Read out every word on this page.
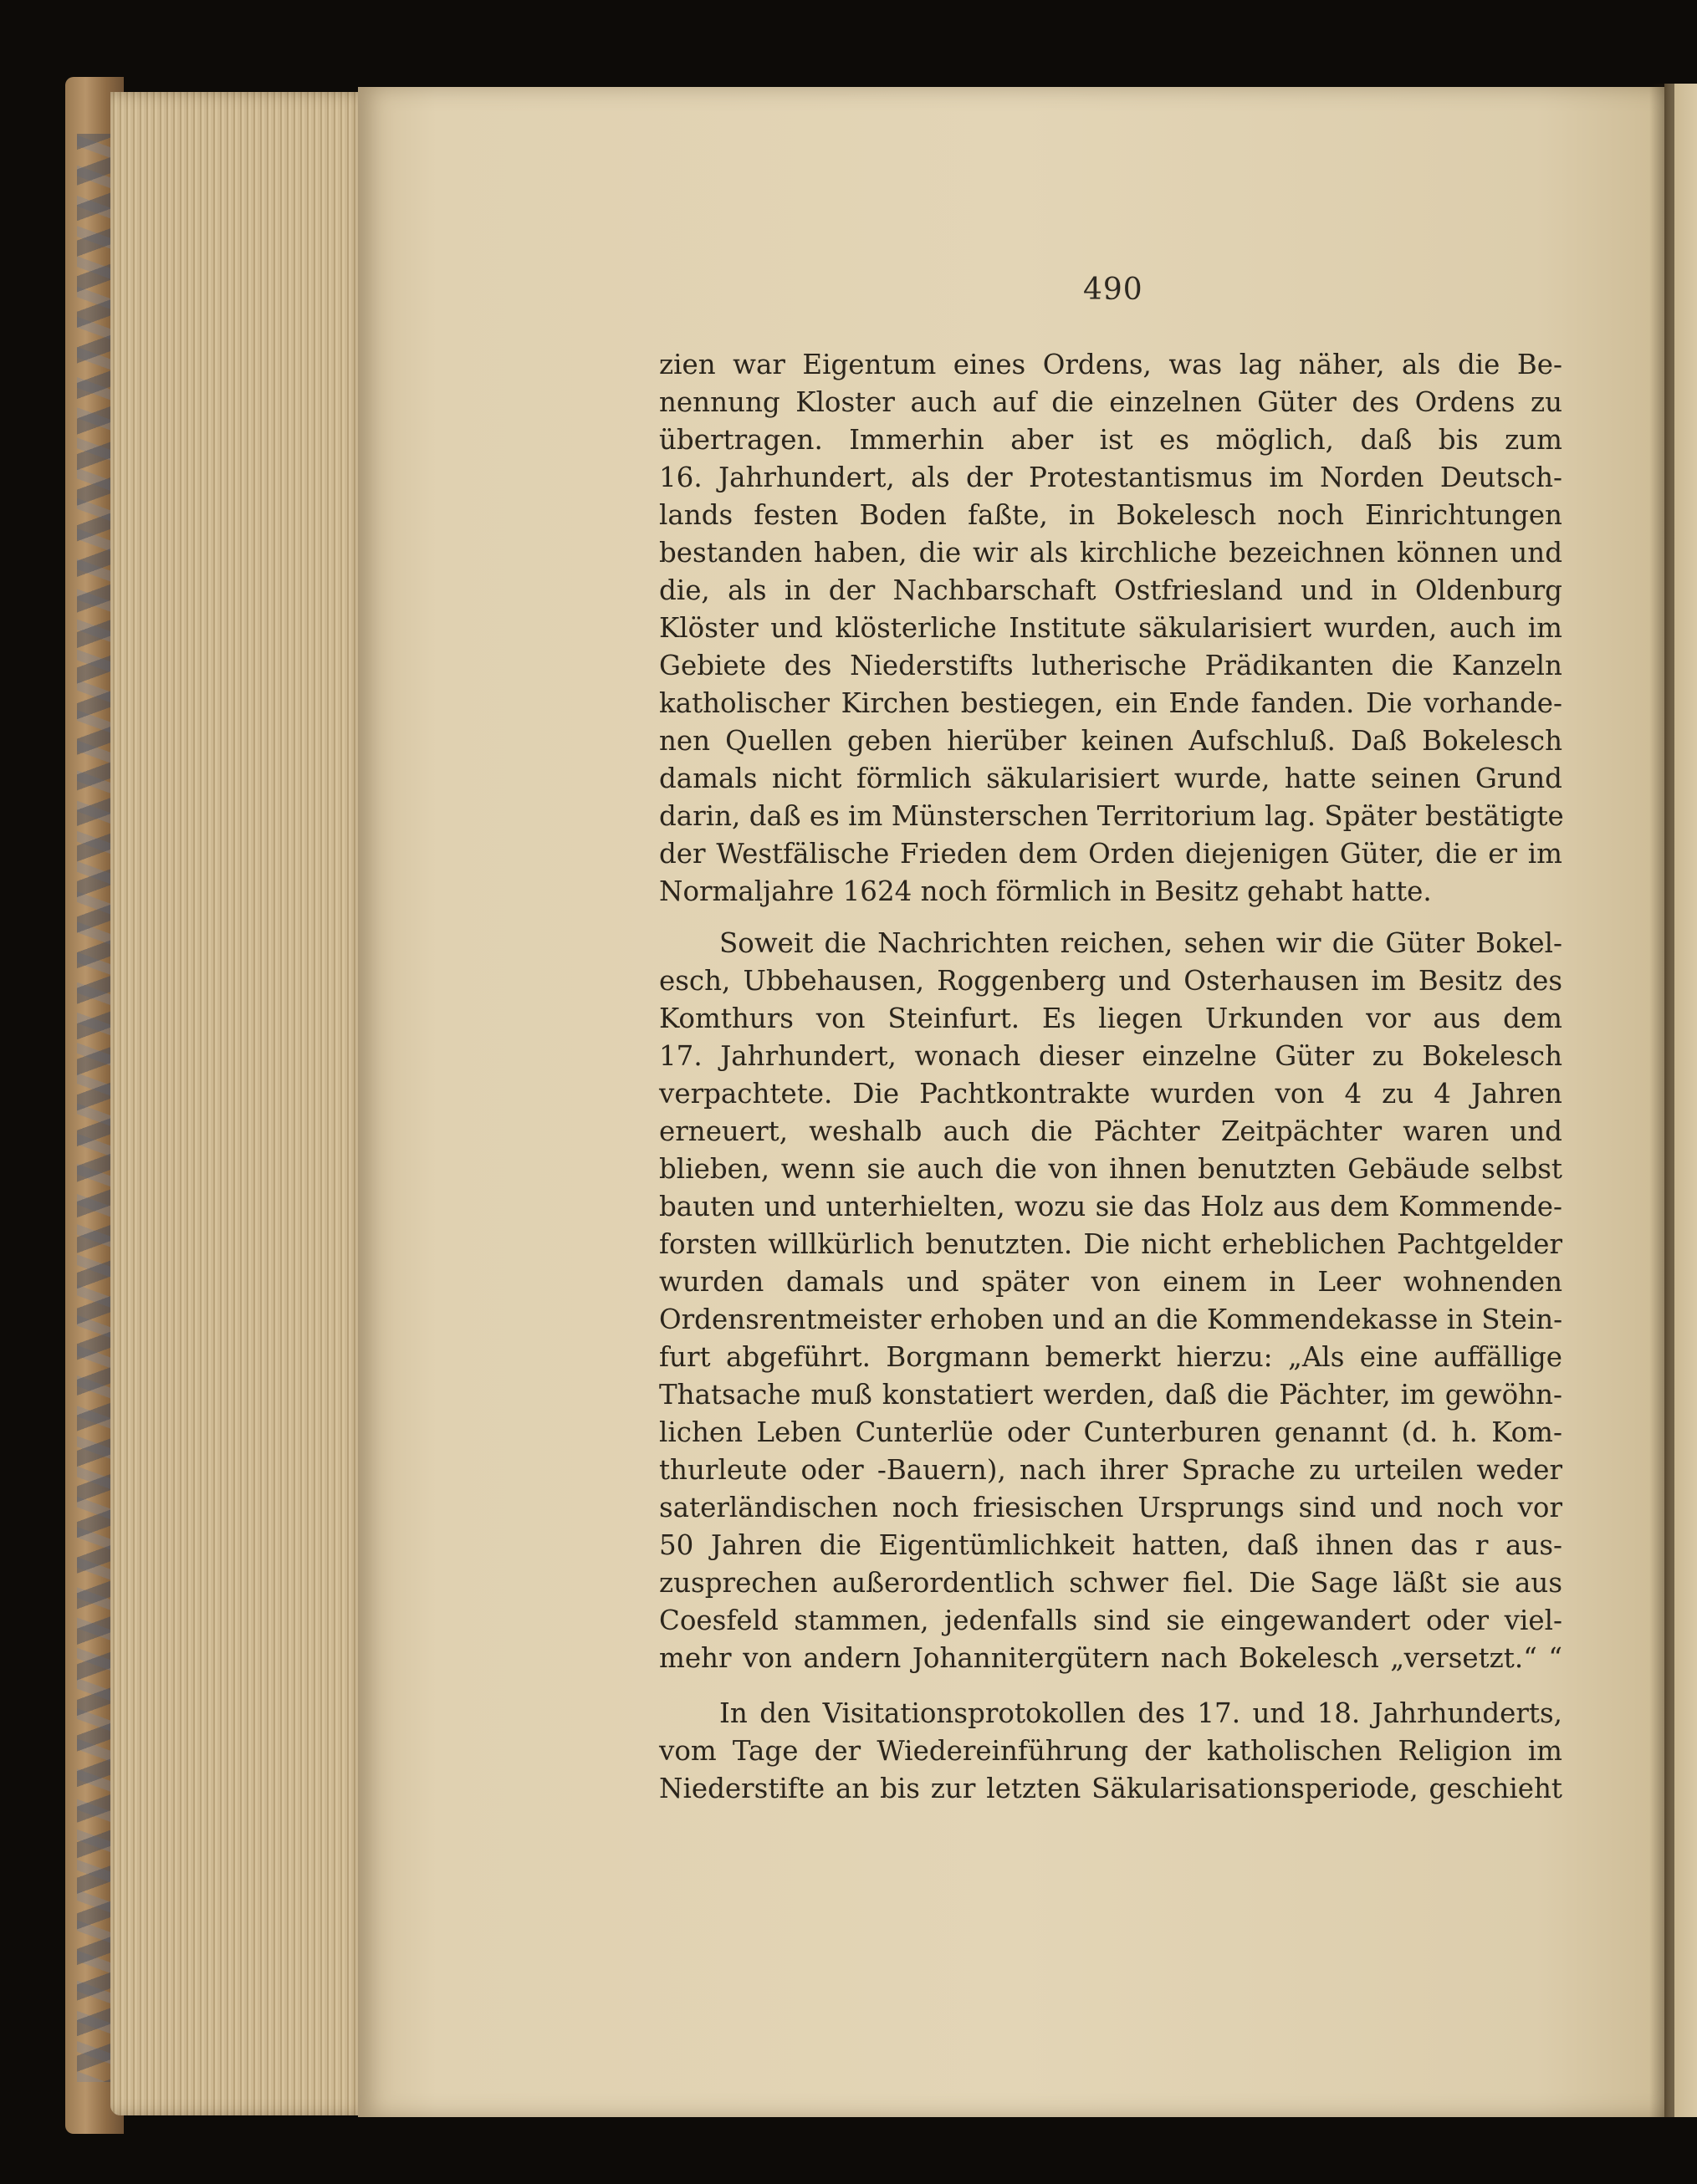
490
zien war Eigentum eines Ordens, was lag näher, als die Be-
nennung Kloster auch auf die einzelnen Güter des Ordens zu
übertragen. Immerhin aber ist es möglich, daß bis zum
16. Jahrhundert, als der Protestantismus im Norden Deutsch-
lands festen Boden faßte, in Bokelesch noch Einrichtungen
bestanden haben, die wir als kirchliche bezeichnen können und
die, als in der Nachbarschaft Ostfriesland und in Oldenburg
Klöster und klösterliche Institute säkularisiert wurden, auch im
Gebiete des Niederstifts lutherische Prädikanten die Kanzeln
katholischer Kirchen bestiegen, ein Ende fanden. Die vorhande-
nen Quellen geben hierüber keinen Aufschluß. Daß Bokelesch
damals nicht förmlich säkularisiert wurde, hatte seinen Grund
darin, daß es im Münsterschen Territorium lag. Später bestätigte
der Westfälische Frieden dem Orden diejenigen Güter, die er im
Normaljahre 1624 noch förmlich in Besitz gehabt hatte.
Soweit die Nachrichten reichen, sehen wir die Güter Bokel-
esch, Ubbehausen, Roggenberg und Osterhausen im Besitz des
Komthurs von Steinfurt. Es liegen Urkunden vor aus dem
17. Jahrhundert, wonach dieser einzelne Güter zu Bokelesch
verpachtete. Die Pachtkontrakte wurden von 4 zu 4 Jahren
erneuert, weshalb auch die Pächter Zeitpächter waren und
blieben, wenn sie auch die von ihnen benutzten Gebäude selbst
bauten und unterhielten, wozu sie das Holz aus dem Kommende-
forsten willkürlich benutzten. Die nicht erheblichen Pachtgelder
wurden damals und später von einem in Leer wohnenden
Ordensrentmeister erhoben und an die Kommendekasse in Stein-
furt abgeführt. Borgmann bemerkt hierzu: „Als eine auffällige
Thatsache muß konstatiert werden, daß die Pächter, im gewöhn-
lichen Leben Cunterlüe oder Cunterburen genannt (d. h. Kom-
thurleute oder -Bauern), nach ihrer Sprache zu urteilen weder
saterländischen noch friesischen Ursprungs sind und noch vor
50 Jahren die Eigentümlichkeit hatten, daß ihnen das r aus-
zusprechen außerordentlich schwer fiel. Die Sage läßt sie aus
Coesfeld stammen, jedenfalls sind sie eingewandert oder viel-
mehr von andern Johannitergütern nach Bokelesch „versetzt.“ “
In den Visitationsprotokollen des 17. und 18. Jahrhunderts,
vom Tage der Wiedereinführung der katholischen Religion im
Niederstifte an bis zur letzten Säkularisationsperiode, geschieht
